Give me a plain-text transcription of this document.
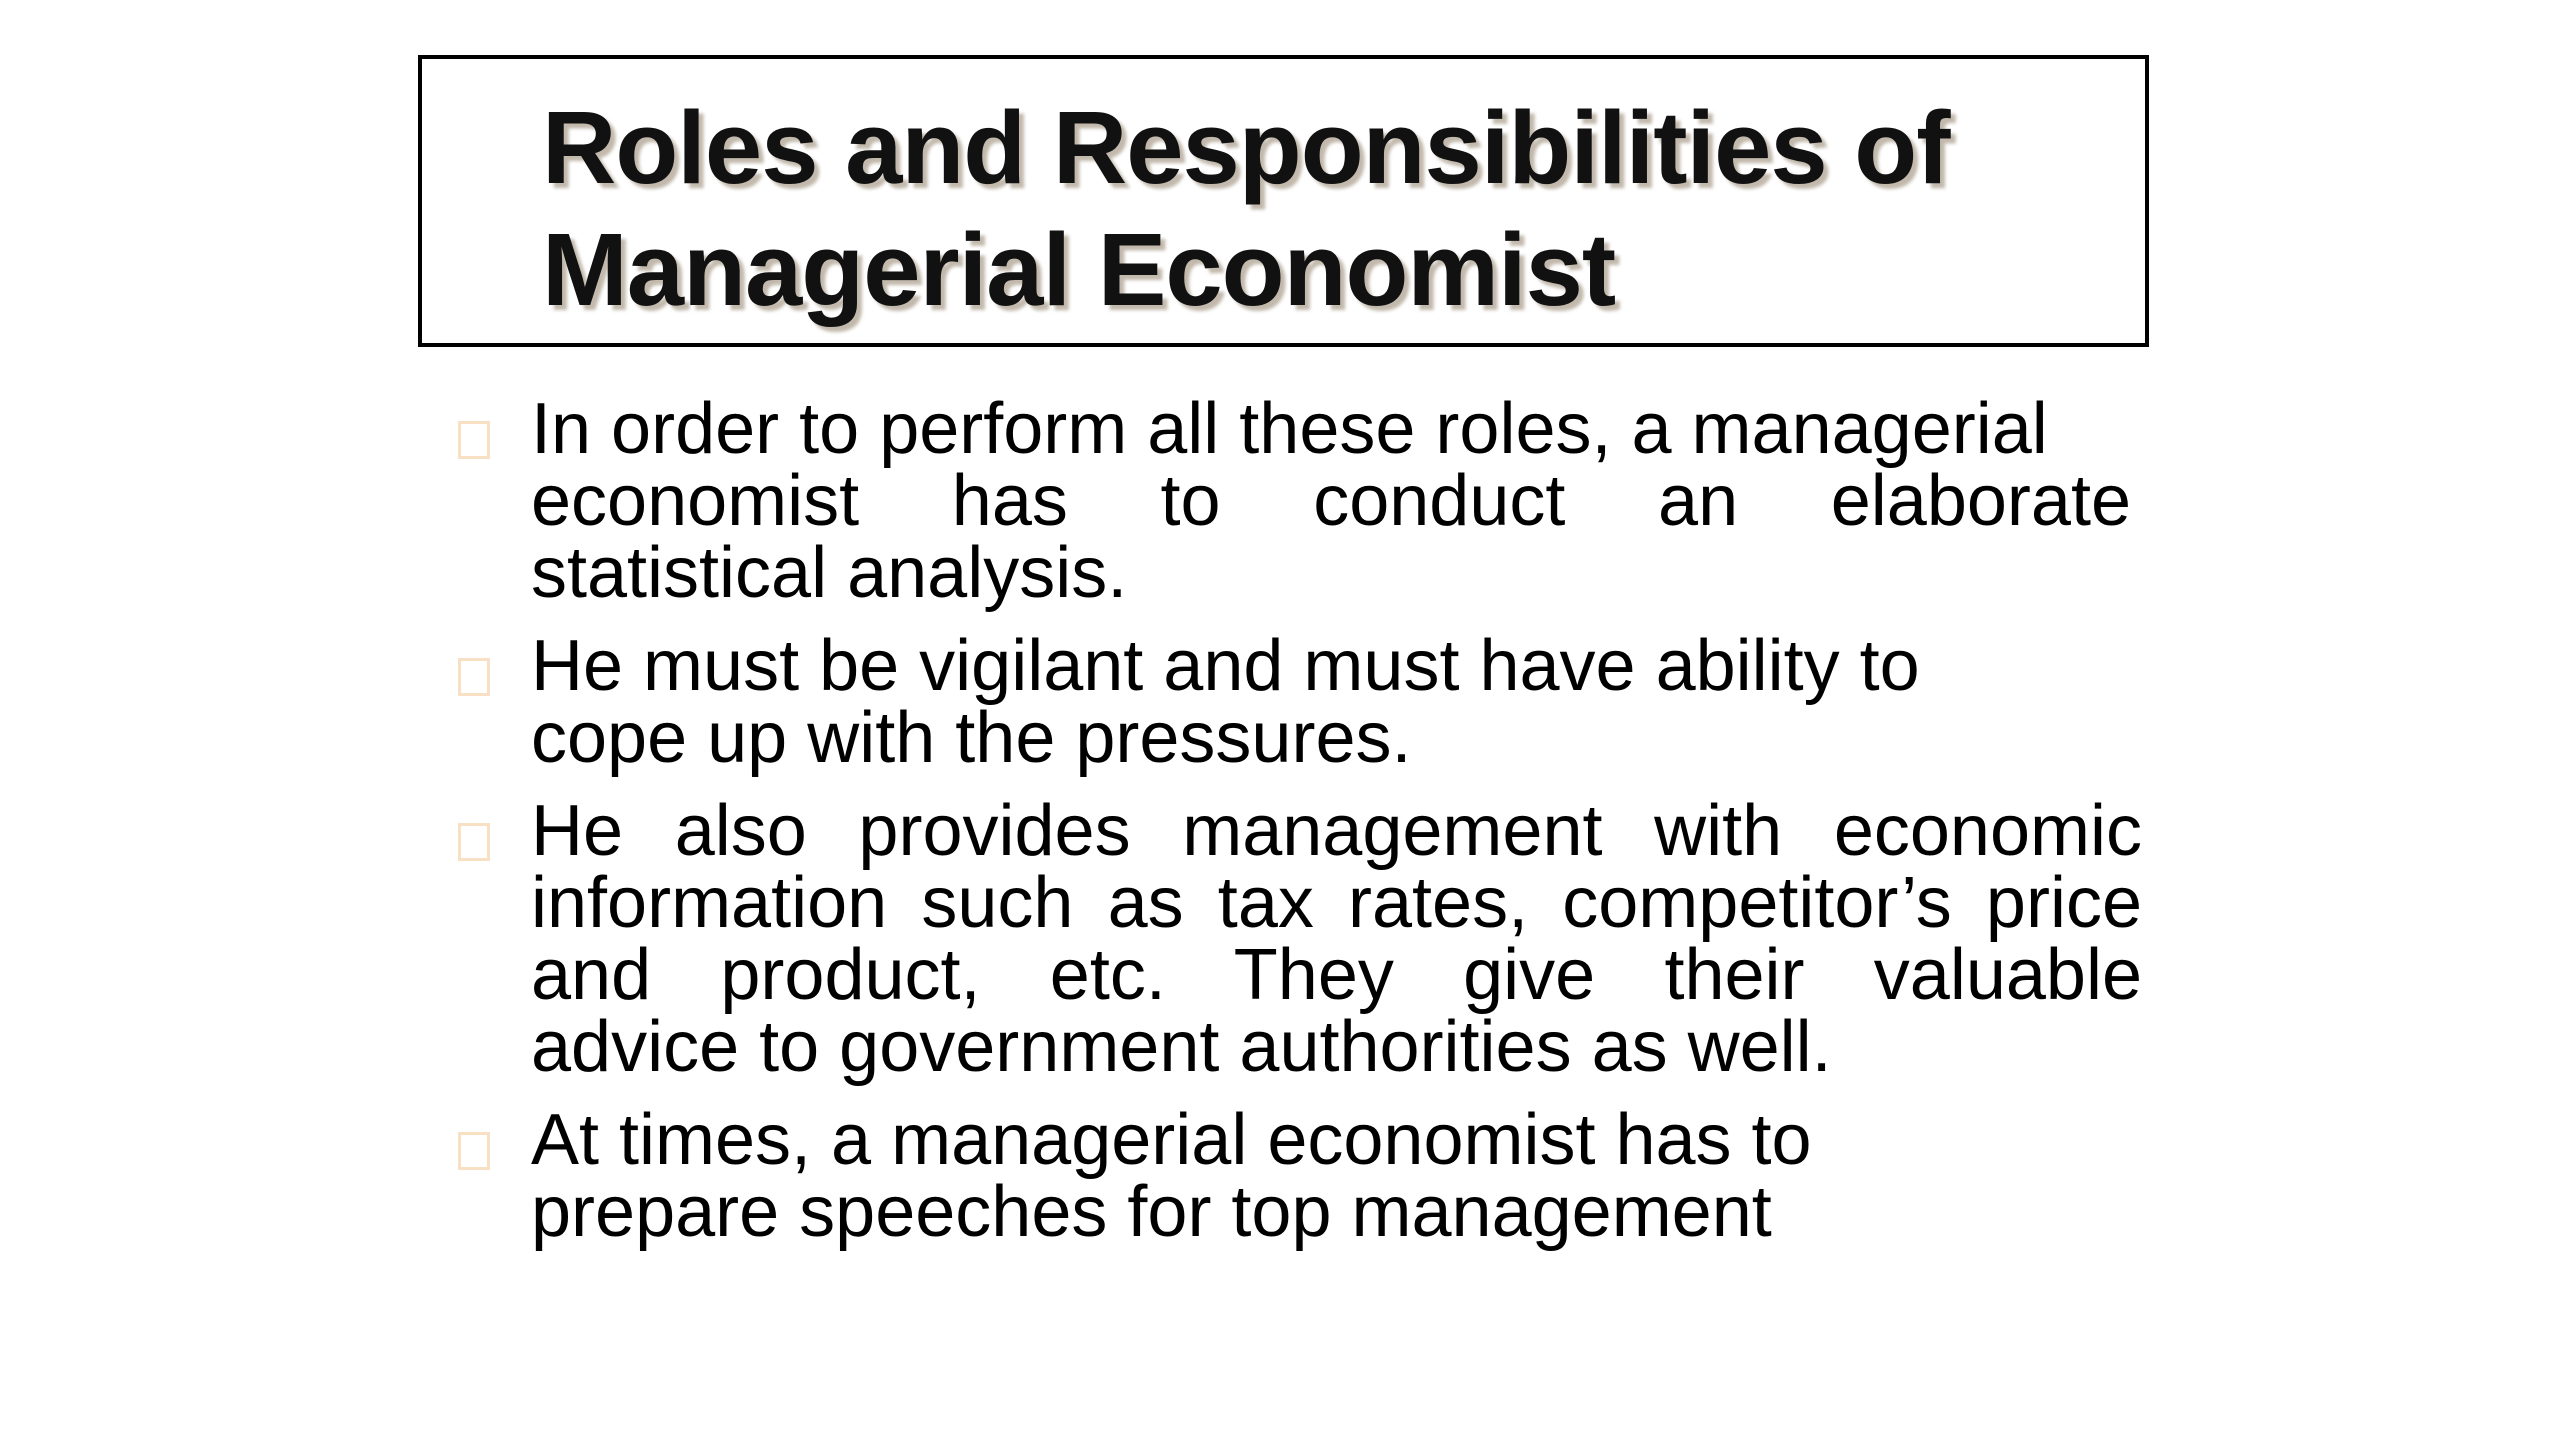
Roles and Responsibilities of
Managerial Economist
In order to perform all these roles, a managerial
economist has to conduct an elaborate
statistical analysis.
He must be vigilant and must have ability to
cope up with the pressures.
He also provides management with economic
information such as tax rates, competitor’s price
and product, etc. They give their valuable
advice to government authorities as well.
At times, a managerial economist has to
prepare speeches for top management
